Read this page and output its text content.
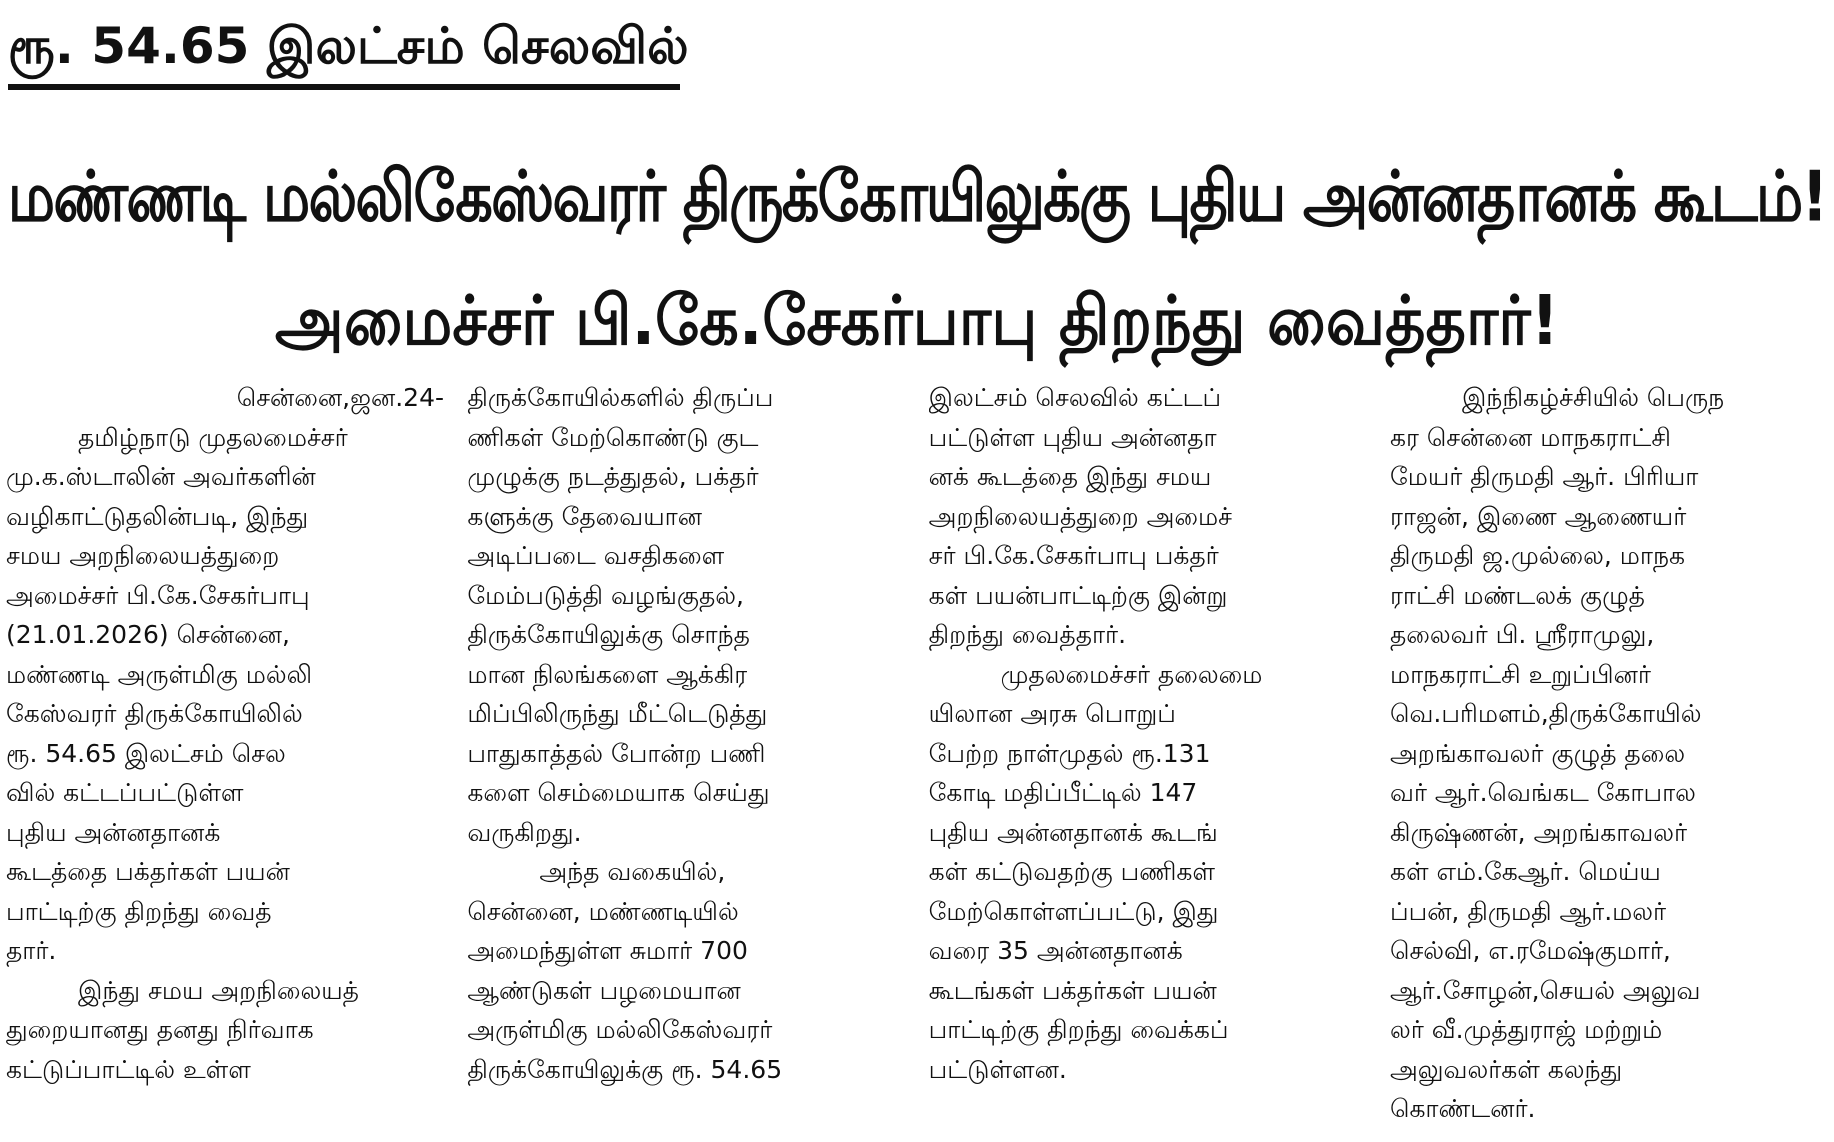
ரூ. 54.65 இலட்சம் செலவில்
மண்ணடி மல்லிகேஸ்வரர் திருக்கோயிலுக்கு புதிய அன்னதானக் கூடம்!
அமைச்சர் பி.கே.சேகர்பாபு திறந்து வைத்தார்!
சென்னை,ஜன.24-
தமிழ்நாடு முதலமைச்சர்
மு.க.ஸ்டாலின் அவர்களின்
வழிகாட்டுதலின்படி, இந்து
சமய அறநிலையத்துறை
அமைச்சர் பி.கே.சேகர்பாபு
(21.01.2026) சென்னை,
மண்ணடி அருள்மிகு மல்லி
கேஸ்வரர் திருக்கோயிலில்
ரூ. 54.65 இலட்சம் செல
வில் கட்டப்பட்டுள்ள
புதிய அன்னதானக்
கூடத்தை பக்தர்கள் பயன்
பாட்டிற்கு திறந்து வைத்
தார்.
இந்து சமய அறநிலையத்
துறையானது தனது நிர்வாக
கட்டுப்பாட்டில் உள்ள
திருக்கோயில்களில் திருப்ப
ணிகள் மேற்கொண்டு குட
முழுக்கு நடத்துதல், பக்தர்
களுக்கு தேவையான
அடிப்படை வசதிகளை
மேம்படுத்தி வழங்குதல்,
திருக்கோயிலுக்கு சொந்த
மான நிலங்களை ஆக்கிர
மிப்பிலிருந்து மீட்டெடுத்து
பாதுகாத்தல் போன்ற பணி
களை செம்மையாக செய்து
வருகிறது.
அந்த வகையில்,
சென்னை, மண்ணடியில்
அமைந்துள்ள சுமார் 700
ஆண்டுகள் பழமையான
அருள்மிகு மல்லிகேஸ்வரர்
திருக்கோயிலுக்கு ரூ. 54.65
இலட்சம் செலவில் கட்டப்
பட்டுள்ள புதிய அன்னதா
னக் கூடத்தை இந்து சமய
அறநிலையத்துறை அமைச்
சர் பி.கே.சேகர்பாபு பக்தர்
கள் பயன்பாட்டிற்கு இன்று
திறந்து வைத்தார்.
முதலமைச்சர் தலைமை
யிலான அரசு பொறுப்
பேற்ற நாள்முதல் ரூ.131
கோடி மதிப்பீட்டில் 147
புதிய அன்னதானக் கூடங்
கள் கட்டுவதற்கு பணிகள்
மேற்கொள்ளப்பட்டு, இது
வரை 35 அன்னதானக்
கூடங்கள் பக்தர்கள் பயன்
பாட்டிற்கு திறந்து வைக்கப்
பட்டுள்ளன.
இந்நிகழ்ச்சியில் பெருந
கர சென்னை மாநகராட்சி
மேயர் திருமதி ஆர். பிரியா
ராஜன், இணை ஆணையர்
திருமதி ஜ.முல்லை, மாநக
ராட்சி மண்டலக் குழுத்
தலைவர் பி. ஸ்ரீராமுலு,
மாநகராட்சி உறுப்பினர்
வெ.பரிமளம்,திருக்கோயில்
அறங்காவலர் குழுத் தலை
வர் ஆர்.வெங்கட கோபால
கிருஷ்ணன், அறங்காவலர்
கள் எம்.கேஆர். மெய்ய
ப்பன், திருமதி ஆர்.மலர்
செல்வி, எ.ரமேஷ்குமார்,
ஆர்.சோழன்,செயல் அலுவ
லர் வீ.முத்துராஜ் மற்றும்
அலுவலர்கள் கலந்து
கொண்டனர்.
